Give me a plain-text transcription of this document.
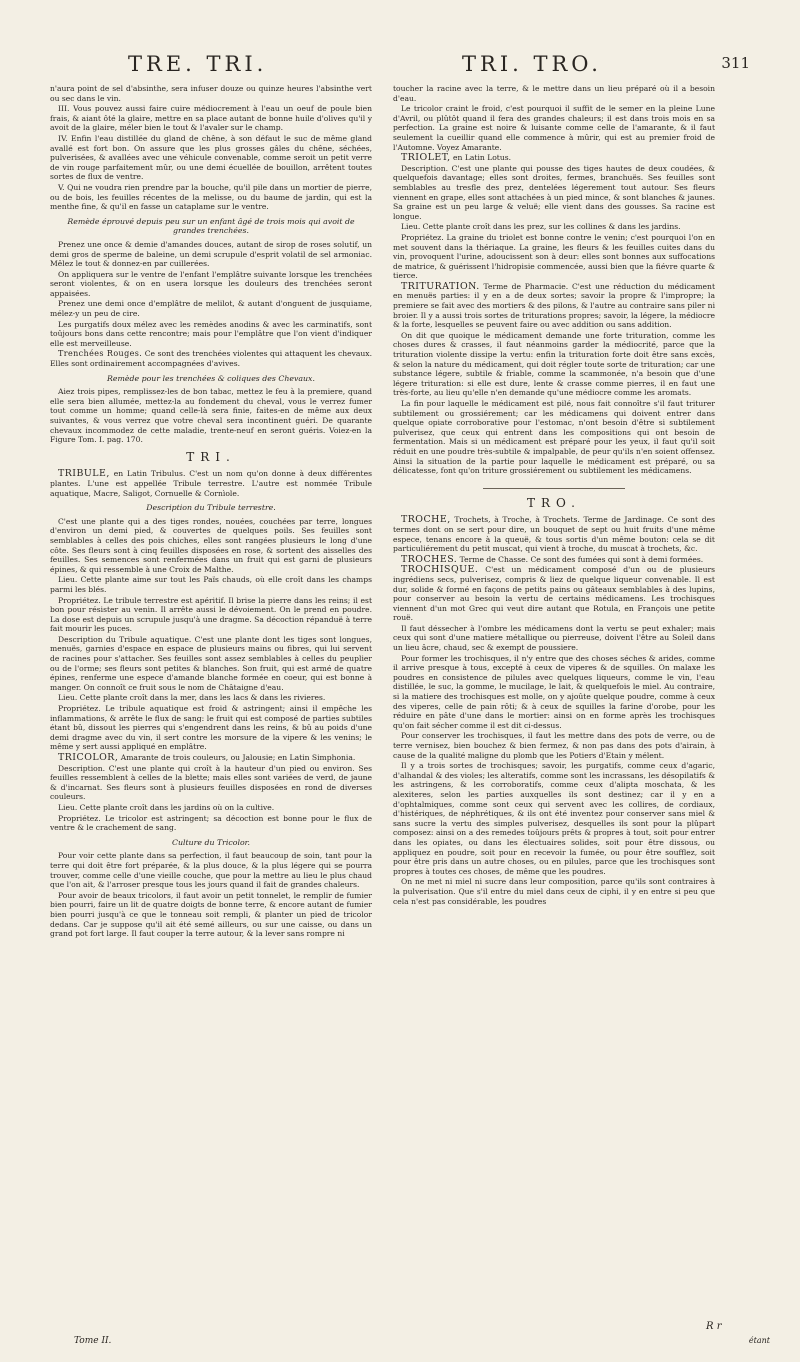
TRE. TRI.	TRI. TRO.	311

n'aura point de sel d'absinthe, sera infuser douze ou quinze heures l'absinthe vert ou sec dans le vin.

III. Vous pouvez aussi faire cuire médiocrement à l'eau un oeuf de poule bien frais, & aiant ôté la glaire, mettre en sa place autant de bonne huile d'olives qu'il y avoit de la glaire, méler bien le tout & l'avaler sur le champ.

IV. Enfin l'eau distillée du gland de chêne, à son défaut le suc de même gland avallé est fort bon. On assure que les plus grosses gâles du chêne, séchées, pulverisées, & avallées avec une véhicule convenable, comme seroit un petit verre de vin rouge parfaitement mûr, ou une demi écuellée de bouillon, arrêtent toutes sortes de flux de ventre.

V. Qui ne voudra rien prendre par la bouche, qu'il pile dans un mortier de pierre, ou de bois, les feuilles récentes de la melisse, ou du baume de jardin, qui est la menthe fine, & qu'il en fasse un cataplame sur le ventre.

Remède éprouvé depuis peu sur un enfant âgé de trois mois qui avoit de grandes trenchées.

Prenez une once & demie d'amandes douces, autant de sirop de roses solutif, un demi gros de sperme de baleine, un demi scrupule d'esprit volatil de sel armoniac. Mêlez le tout & donnez-en par cuillerées.

On appliquera sur le ventre de l'enfant l'emplâtre suivante lorsque les trenchées seront violentes, & on en usera lorsque les douleurs des trenchées seront appaisées.

Prenez une demi once d'emplâtre de melilot, & autant d'onguent de jusquiame, mélez-y un peu de cire.

Les purgatifs doux mélez avec les remèdes anodins & avec les carminatifs, sont toûjours bons dans cette rencontre; mais pour l'emplâtre que l'on vient d'indiquer elle est merveilleuse.

Trenchées Rouges. Ce sont des trenchées violentes qui attaquent les chevaux. Elles sont ordinairement accompagnées d'avives.

Remède pour les trenchées & coliques des Chevaux.

Aiez trois pipes, remplissez-les de bon tabac, mettez le feu à la premiere, quand elle sera bien allumée, mettez-la au fondement du cheval, vous le verrez fumer tout comme un homme; quand celle-là sera finie, faites-en de même aux deux suivantes, & vous verrez que votre cheval sera incontinent guéri. De quarante chevaux incommodez de cette maladie, trente-neuf en seront guéris. Voiez-en la Figure Tom. I. pag. 170.

TRI.

TRIBULE, en Latin Tribulus. C'est un nom qu'on donne à deux différentes plantes. L'une est appellée Tribule terrestre. L'autre est nommée Tribule aquatique, Macre, Saligot, Cornuelle & Cornìole.

Description du Tribule terrestre.

C'est une plante qui a des tiges rondes, nouées, couchées par terre, longues d'environ un demi pied, & couvertes de quelques poils. Ses feuilles sont semblables à celles des pois chiches, elles sont rangées plusieurs le long d'une côte. Ses fleurs sont à cinq feuilles disposées en rose, & sortent des aisselles des feuilles. Ses semences sont renfermées dans un fruit qui est garni de plusieurs épines, & qui ressemble à une Croix de Malthe.

Lieu. Cette plante aime sur tout les Païs chauds, où elle croît dans les champs parmi les blés.

Propriétez. Le tribule terrestre est apéritif. Il brise la pierre dans les reins; il est bon pour résister au venin. Il arrête aussi le dévoiement. On le prend en poudre. La dose est depuis un scrupule jusqu'à une dragme. Sa décoction répanduë à terre fait mourir les puces.

Description du Tribule aquatique. C'est une plante dont les tiges sont longues, menuës, garnies d'espace en espace de plusieurs mains ou fibres, qui lui servent de racines pour s'attacher. Ses feuilles sont assez semblables à celles du peuplier ou de l'orme; ses fleurs sont petites & blanches. Son fruit, qui est armé de quatre épines, renferme une espece d'amande blanche formée en coeur, qui est bonne à manger. On connoît ce fruit sous le nom de Châtaigne d'eau.

Lieu. Cette plante croît dans la mer, dans les lacs & dans les rivieres.

Propriétez. Le tribule aquatique est froid & astringent; ainsi il empêche les inflammations, & arrête le flux de sang: le fruit qui est composé de parties subtiles étant bû, dissout les pierres qui s'engendrent dans les reins, & bû au poids d'une demi dragme avec du vin, il sert contre les morsure de la vipere & les venins; le même y sert aussi appliqué en emplâtre.

TRICOLOR, Amarante de trois couleurs, ou Jalousie; en Latin Simphonia.

Description. C'est une plante qui croît à la hauteur d'un pied ou environ. Ses feuilles ressemblent à celles de la blette; mais elles sont variées de verd, de jaune & d'incarnat. Ses fleurs sont à plusieurs feuilles disposées en rond de diverses couleurs.

Lieu. Cette plante croît dans les jardins où on la cultive.

Propriétez. Le tricolor est astringent; sa décoction est bonne pour le flux de ventre & le crachement de sang.

Culture du Tricolor.

Pour voir cette plante dans sa perfection, il faut beaucoup de soin, tant pour la terre qui doit être fort préparée, & la plus douce, & la plus légere qui se pourra trouver, comme celle d'une vieille couche, que pour la mettre au lieu le plus chaud que l'on ait, & l'arroser presque tous les jours quand il fait de grandes chaleurs.

Pour avoir de beaux tricolors, il faut avoir un petit tonnelet, le remplir de fumier bien pourri, faire un lit de quatre doigts de bonne terre, & encore autant de fumier bien pourri jusqu'à ce que le tonneau soit rempli, & planter un pied de tricolor dedans. Car je suppose qu'il ait été semé ailleurs, ou sur une caisse, ou dans un grand pot fort large. Il faut couper la terre autour, & la lever sans rompre ni

toucher la racine avec la terre, & le mettre dans un lieu préparé où il a besoin d'eau.

Le tricolor craint le froid, c'est pourquoi il suffit de le semer en la pleine Lune d'Avril, ou plûtôt quand il fera des grandes chaleurs; il est dans trois mois en sa perfection. La graine est noire & luisante comme celle de l'amarante, & il faut seulement la cueillir quand elle commence à mûrir, qui est au premier froid de l'Automne. Voyez Amarante.

TRIOLET, en Latin Lotus.

Description. C'est une plante qui pousse des tiges hautes de deux coudées, & quelquefois davantage; elles sont droites, fermes, branchuës. Ses feuilles sont semblables au tresfle des prez, dentelées légerement tout autour. Ses fleurs viennent en grape, elles sont attachées à un pied mince, & sont blanches & jaunes. Sa graine est un peu large & veluë; elle vient dans des gousses. Sa racine est longue.

Lieu. Cette plante croît dans les prez, sur les collines & dans les jardins.

Propriétez. La graine du triolet est bonne contre le venin; c'est pourquoi l'on en met souvent dans la thériaque. La graine, les fleurs & les feuilles cuites dans du vin, provoquent l'urine, adoucissent son à deur: elles sont bonnes aux suffocations de matrice, & guérissent l'hidropisie commencée, aussi bien que la fiévre quarte & tierce.

TRITURATION. Terme de Pharmacie. C'est une réduction du médicament en menuës parties: il y en a de deux sortes; savoir la propre & l'impropre; la premiere se fait avec des mortiers & des pilons, & l'autre au contraire sans piler ni broier. Il y a aussi trois sortes de triturations propres; savoir, la légere, la médiocre & la forte, lesquelles se peuvent faire ou avec addition ou sans addition.

On dit que quoique le médicament demande une forte trituration, comme les choses dures & crasses, il faut néanmoins garder la médiocrité, parce que la trituration violente dissipe la vertu: enfin la trituration forte doit être sans excès, & selon la nature du médicament, qui doit régler toute sorte de trituration; car une substance légere, subtile & friable, comme la scammonée, n'a besoin que d'une légere trituration: si elle est dure, lente & crasse comme pierres, il en faut une très-forte, au lieu qu'elle n'en demande qu'une médiocre comme les aromats.

La fin pour laquelle le médicament est pilé, nous fait connoître s'il faut triturer subtilement ou grossiérement; car les médicamens qui doivent entrer dans quelque opiate corroborative pour l'estomac, n'ont besoin d'être si subtilement pulverisez, que ceux qui entrent dans les compositions qui ont besoin de fermentation. Mais si un médicament est préparé pour les yeux, il faut qu'il soit réduit en une poudre très-subtile & impalpable, de peur qu'ils n'en soient offensez. Ainsi la situation de la partie pour laquelle le médicament est préparé, ou sa délicatesse, font qu'on triture grossiérement ou subtilement les médicamens.

TRO.

TROCHE, Trochets, à Troche, à Trochets. Terme de Jardinage. Ce sont des termes dont on se sert pour dire, un bouquet de sept ou huit fruits d'une même espece, tenans encore à la queuë, & tous sortis d'un même bouton: cela se dit particuliérement du petit muscat, qui vient à troche, du muscat à trochets, &c.

TROCHES. Terme de Chasse. Ce sont des fumées qui sont à demi formées.

TROCHISQUE. C'est un médicament composé d'un ou de plusieurs ingrédiens secs, pulverisez, compris & liez de quelque liqueur convenable. Il est dur, solide & formé en façons de petits pains ou gâteaux semblables à des lupins, pour conserver au besoin la vertu de certains médicamens. Les trochisques viennent d'un mot Grec qui veut dire autant que Rotula, en François une petite rouë.

Il faut déssecher à l'ombre les médicamens dont la vertu se peut exhaler; mais ceux qui sont d'une matiere métallique ou pierreuse, doivent l'être au Soleil dans un lieu âcre, chaud, sec & exempt de poussiere.

Pour former les trochisques, il n'y entre que des choses séches & arides, comme il arrive presque à tous, excepté à ceux de viperes & de squilles. On malaxe les poudres en consistence de pilules avec quelques liqueurs, comme le vin, l'eau distillée, le suc, la gomme, le mucilage, le lait, & quelquefois le miel. Au contraire, si la matiere des trochisques est molle, on y ajoûte quelque poudre, comme à ceux des viperes, celle de pain rôti; & à ceux de squilles la farine d'orobe, pour les réduire en pâte d'une dans le mortier: ainsi on en forme après les trochisques qu'on fait sécher comme il est dit ci-dessus.

Pour conserver les trochisques, il faut les mettre dans des pots de verre, ou de terre vernisez, bien bouchez & bien fermez, & non pas dans des pots d'airain, à cause de la qualité maligne du plomb que les Potiers d'Etain y mélent.

Il y a trois sortes de trochisques; savoir, les purgatifs, comme ceux d'agaric, d'alhandal & des violes; les alteratifs, comme sont les incrassans, les désopilatifs & les astringens, & les corroboratifs, comme ceux d'alipta moschata, & les alexiteres, selon les parties auxquelles ils sont destinez; car il y en a d'ophtalmiques, comme sont ceux qui servent avec les collires, de cordiaux, d'histériques, de néphrétiques, & ils ont été inventez pour conserver sans miel & sans sucre la vertu des simples pulverisez, desquelles ils sont pour la plûpart composez: ainsi on a des remedes toûjours prêts & propres à tout, soit pour entrer dans les opiates, ou dans les électuaires solides, soit pour être dissous, ou appliquez en poudre, soit pour en recevoir la fumée, ou pour être soufflez, soit pour être pris dans un autre choses, ou en pilules, parce que les trochisques sont propres à toutes ces choses, de même que les poudres.

On ne met ni miel ni sucre dans leur composition, parce qu'ils sont contraires à la pulverisation. Que s'il entre du miel dans ceux de ciphi, il y en entre si peu que cela n'est pas considérable, les poudres

Tome II.
R r
étant
